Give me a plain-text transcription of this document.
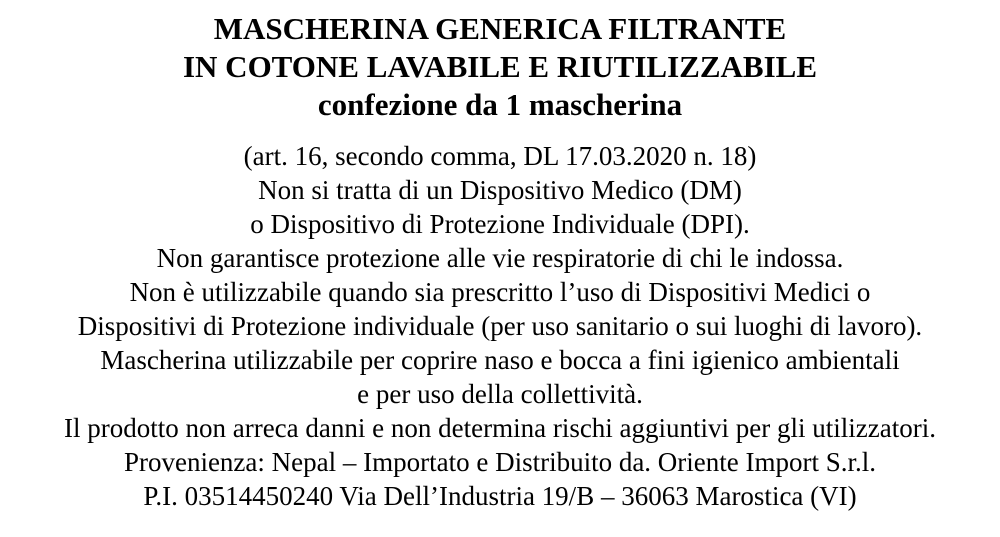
MASCHERINA GENERICA FILTRANTE
IN COTONE LAVABILE E RIUTILIZZABILE
confezione da 1 mascherina
(art. 16, secondo comma, DL 17.03.2020 n. 18)
Non si tratta di un Dispositivo Medico (DM)
o Dispositivo di Protezione Individuale (DPI).
Non garantisce protezione alle vie respiratorie di chi le indossa.
Non è utilizzabile quando sia prescritto l’uso di Dispositivi Medici o
Dispositivi di Protezione individuale (per uso sanitario o sui luoghi di lavoro).
Mascherina utilizzabile per coprire naso e bocca a fini igienico ambientali
e per uso della collettività.
Il prodotto non arreca danni e non determina rischi aggiuntivi per gli utilizzatori.
Provenienza: Nepal – Importato e Distribuito da. Oriente Import S.r.l.
P.I. 03514450240 Via Dell’Industria 19/B – 36063 Marostica (VI)
